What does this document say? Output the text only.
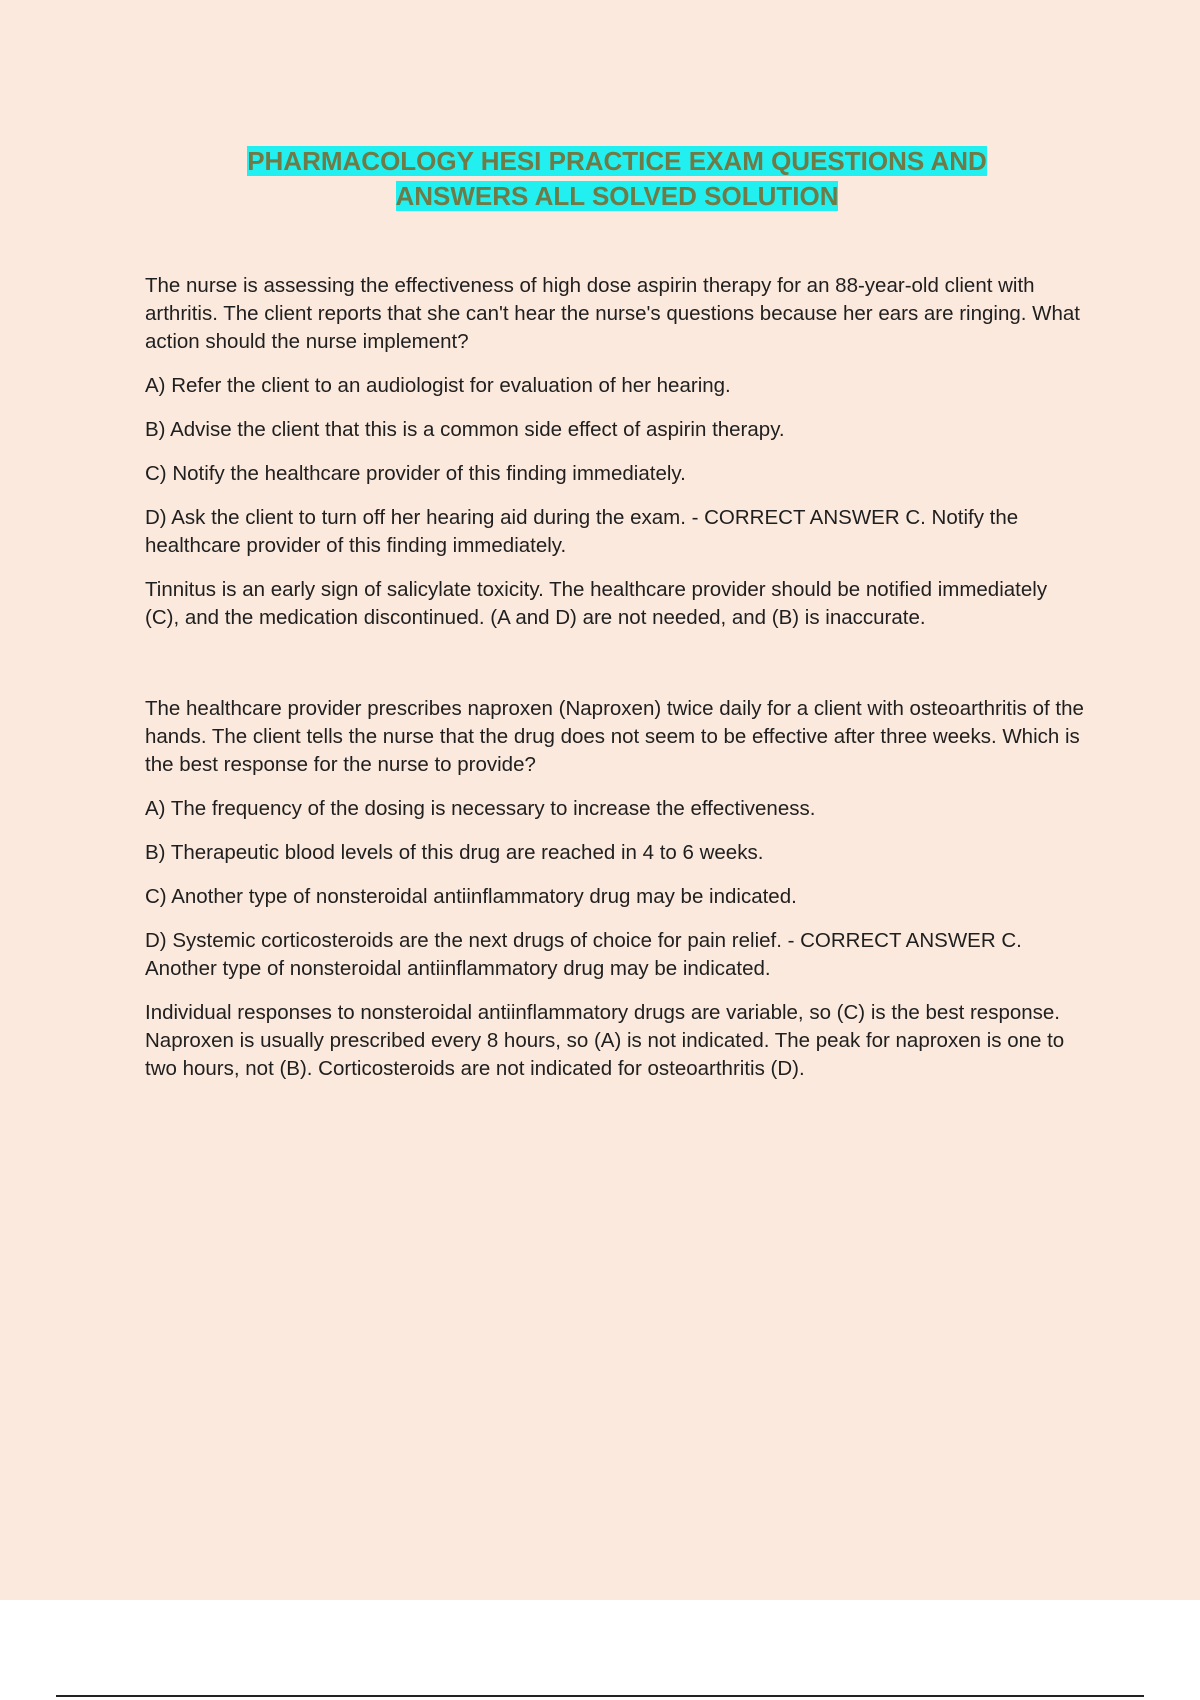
PHARMACOLOGY HESI PRACTICE EXAM QUESTIONS AND
ANSWERS ALL SOLVED SOLUTION

The nurse is assessing the effectiveness of high dose aspirin therapy for an 88-year-old client with arthritis. The client reports that she can't hear the nurse's questions because her ears are ringing. What action should the nurse implement?

A) Refer the client to an audiologist for evaluation of her hearing.

B) Advise the client that this is a common side effect of aspirin therapy.

C) Notify the healthcare provider of this finding immediately.

D) Ask the client to turn off her hearing aid during the exam. - CORRECT ANSWER C. Notify the healthcare provider of this finding immediately.

Tinnitus is an early sign of salicylate toxicity. The healthcare provider should be notified immediately (C), and the medication discontinued. (A and D) are not needed, and (B) is inaccurate.

The healthcare provider prescribes naproxen (Naproxen) twice daily for a client with osteoarthritis of the hands. The client tells the nurse that the drug does not seem to be effective after three weeks. Which is the best response for the nurse to provide?

A) The frequency of the dosing is necessary to increase the effectiveness.

B) Therapeutic blood levels of this drug are reached in 4 to 6 weeks.

C) Another type of nonsteroidal antiinflammatory drug may be indicated.

D) Systemic corticosteroids are the next drugs of choice for pain relief. - CORRECT ANSWER C. Another type of nonsteroidal antiinflammatory drug may be indicated.

Individual responses to nonsteroidal antiinflammatory drugs are variable, so (C) is the best response. Naproxen is usually prescribed every 8 hours, so (A) is not indicated. The peak for naproxen is one to two hours, not (B). Corticosteroids are not indicated for osteoarthritis (D).
